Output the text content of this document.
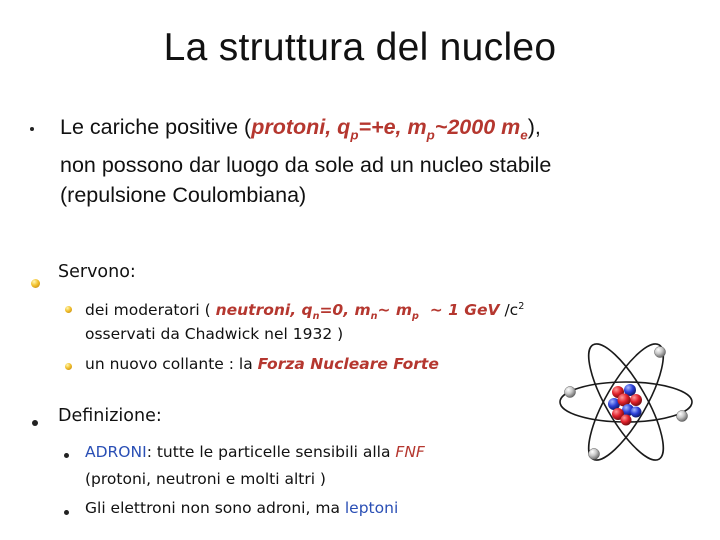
La struttura del nucleo
Le cariche positive (protoni, $q_p=+e$, $m_p\sim 2000$ $m_e$),
non possono dar luogo da sole ad un nucleo stabile
(repulsione Coulombiana)
Servono:
dei moderatori ( neutroni, $q_n=0$, $m_n\sim$ $m_p$  ~ 1 GeV $/c^2$
osservati da Chadwick nel 1932 )
un nuovo collante : la Forza Nucleare Forte
Definizione:
ADRONI: tutte le particelle sensibili alla FNF
(protoni, neutroni e molti altri )
Gli elettroni non sono adroni, ma leptoni
